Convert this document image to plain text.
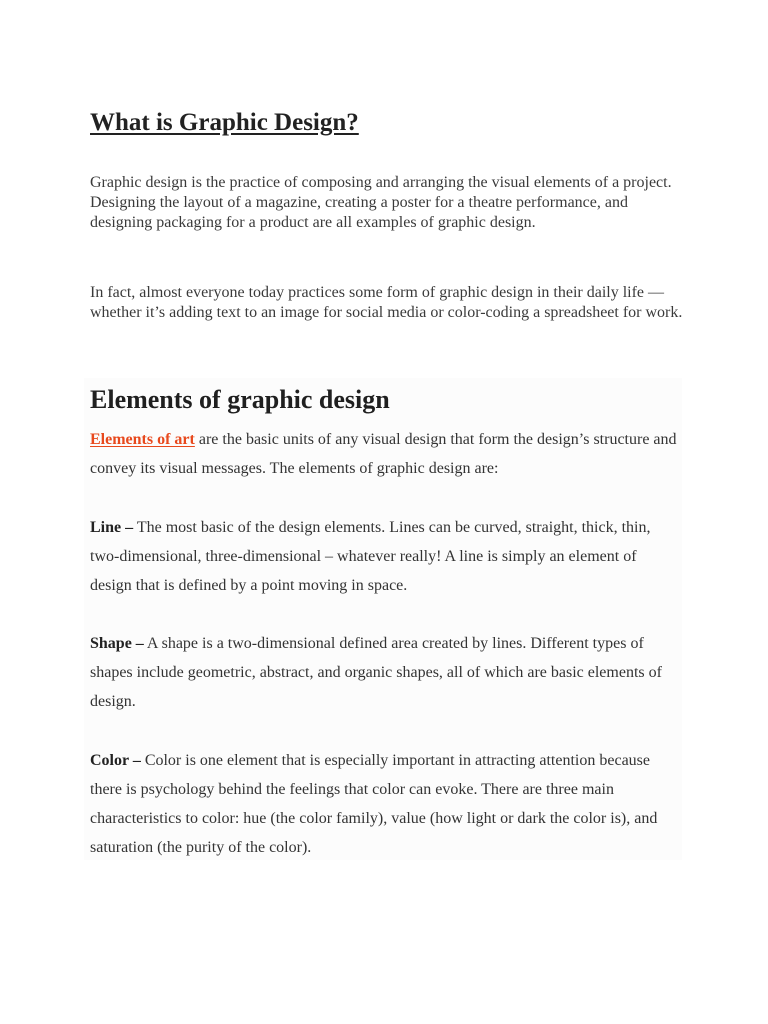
What is Graphic Design?

Graphic design is the practice of composing and arranging the visual elements of a project. Designing the layout of a magazine, creating a poster for a theatre performance, and designing packaging for a product are all examples of graphic design.

In fact, almost everyone today practices some form of graphic design in their daily life — whether it’s adding text to an image for social media or color-coding a spreadsheet for work.

Elements of graphic design

Elements of art are the basic units of any visual design that form the design’s structure and convey its visual messages. The elements of graphic design are:

Line – The most basic of the design elements. Lines can be curved, straight, thick, thin, two-dimensional, three-dimensional – whatever really! A line is simply an element of design that is defined by a point moving in space.

Shape – A shape is a two-dimensional defined area created by lines. Different types of shapes include geometric, abstract, and organic shapes, all of which are basic elements of design.

Color – Color is one element that is especially important in attracting attention because there is psychology behind the feelings that color can evoke. There are three main characteristics to color: hue (the color family), value (how light or dark the color is), and saturation (the purity of the color).
